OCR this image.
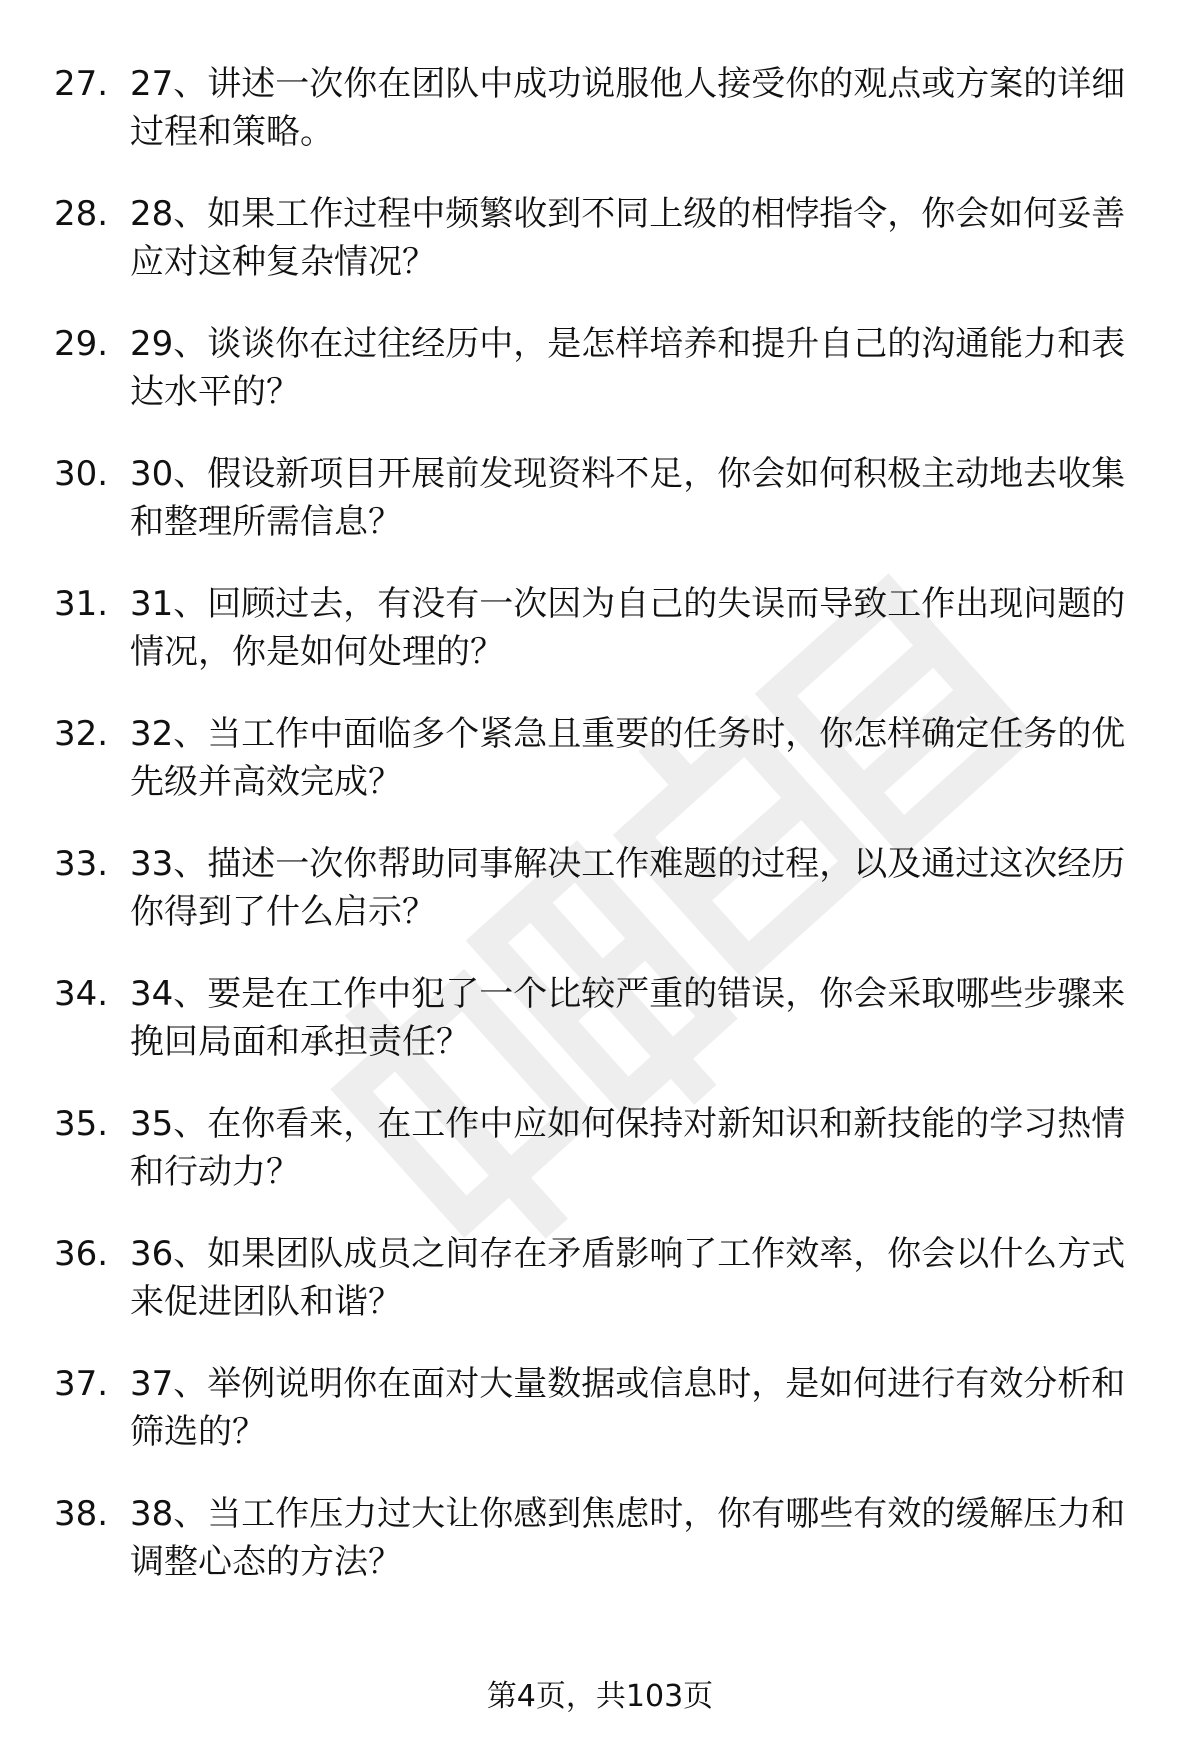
27. 27、讲述一次你在团队中成功说服他人接受你的观点或方案的详细过程和策略。
28. 28、如果工作过程中频繁收到不同上级的相悖指令，你会如何妥善应对这种复杂情况？
29. 29、谈谈你在过往经历中，是怎样培养和提升自己的沟通能力和表达水平的？
30. 30、假设新项目开展前发现资料不足，你会如何积极主动地去收集和整理所需信息？
31. 31、回顾过去，有没有一次因为自己的失误而导致工作出现问题的情况，你是如何处理的？
32. 32、当工作中面临多个紧急且重要的任务时，你怎样确定任务的优先级并高效完成？
33. 33、描述一次你帮助同事解决工作难题的过程，以及通过这次经历你得到了什么启示？
34. 34、要是在工作中犯了一个比较严重的错误，你会采取哪些步骤来挽回局面和承担责任？
35. 35、在你看来，在工作中应如何保持对新知识和新技能的学习热情和行动力？
36. 36、如果团队成员之间存在矛盾影响了工作效率，你会以什么方式来促进团队和谐？
37. 37、举例说明你在面对大量数据或信息时，是如何进行有效分析和筛选的？
38. 38、当工作压力过大让你感到焦虑时，你有哪些有效的缓解压力和调整心态的方法？
第4页，共103页
